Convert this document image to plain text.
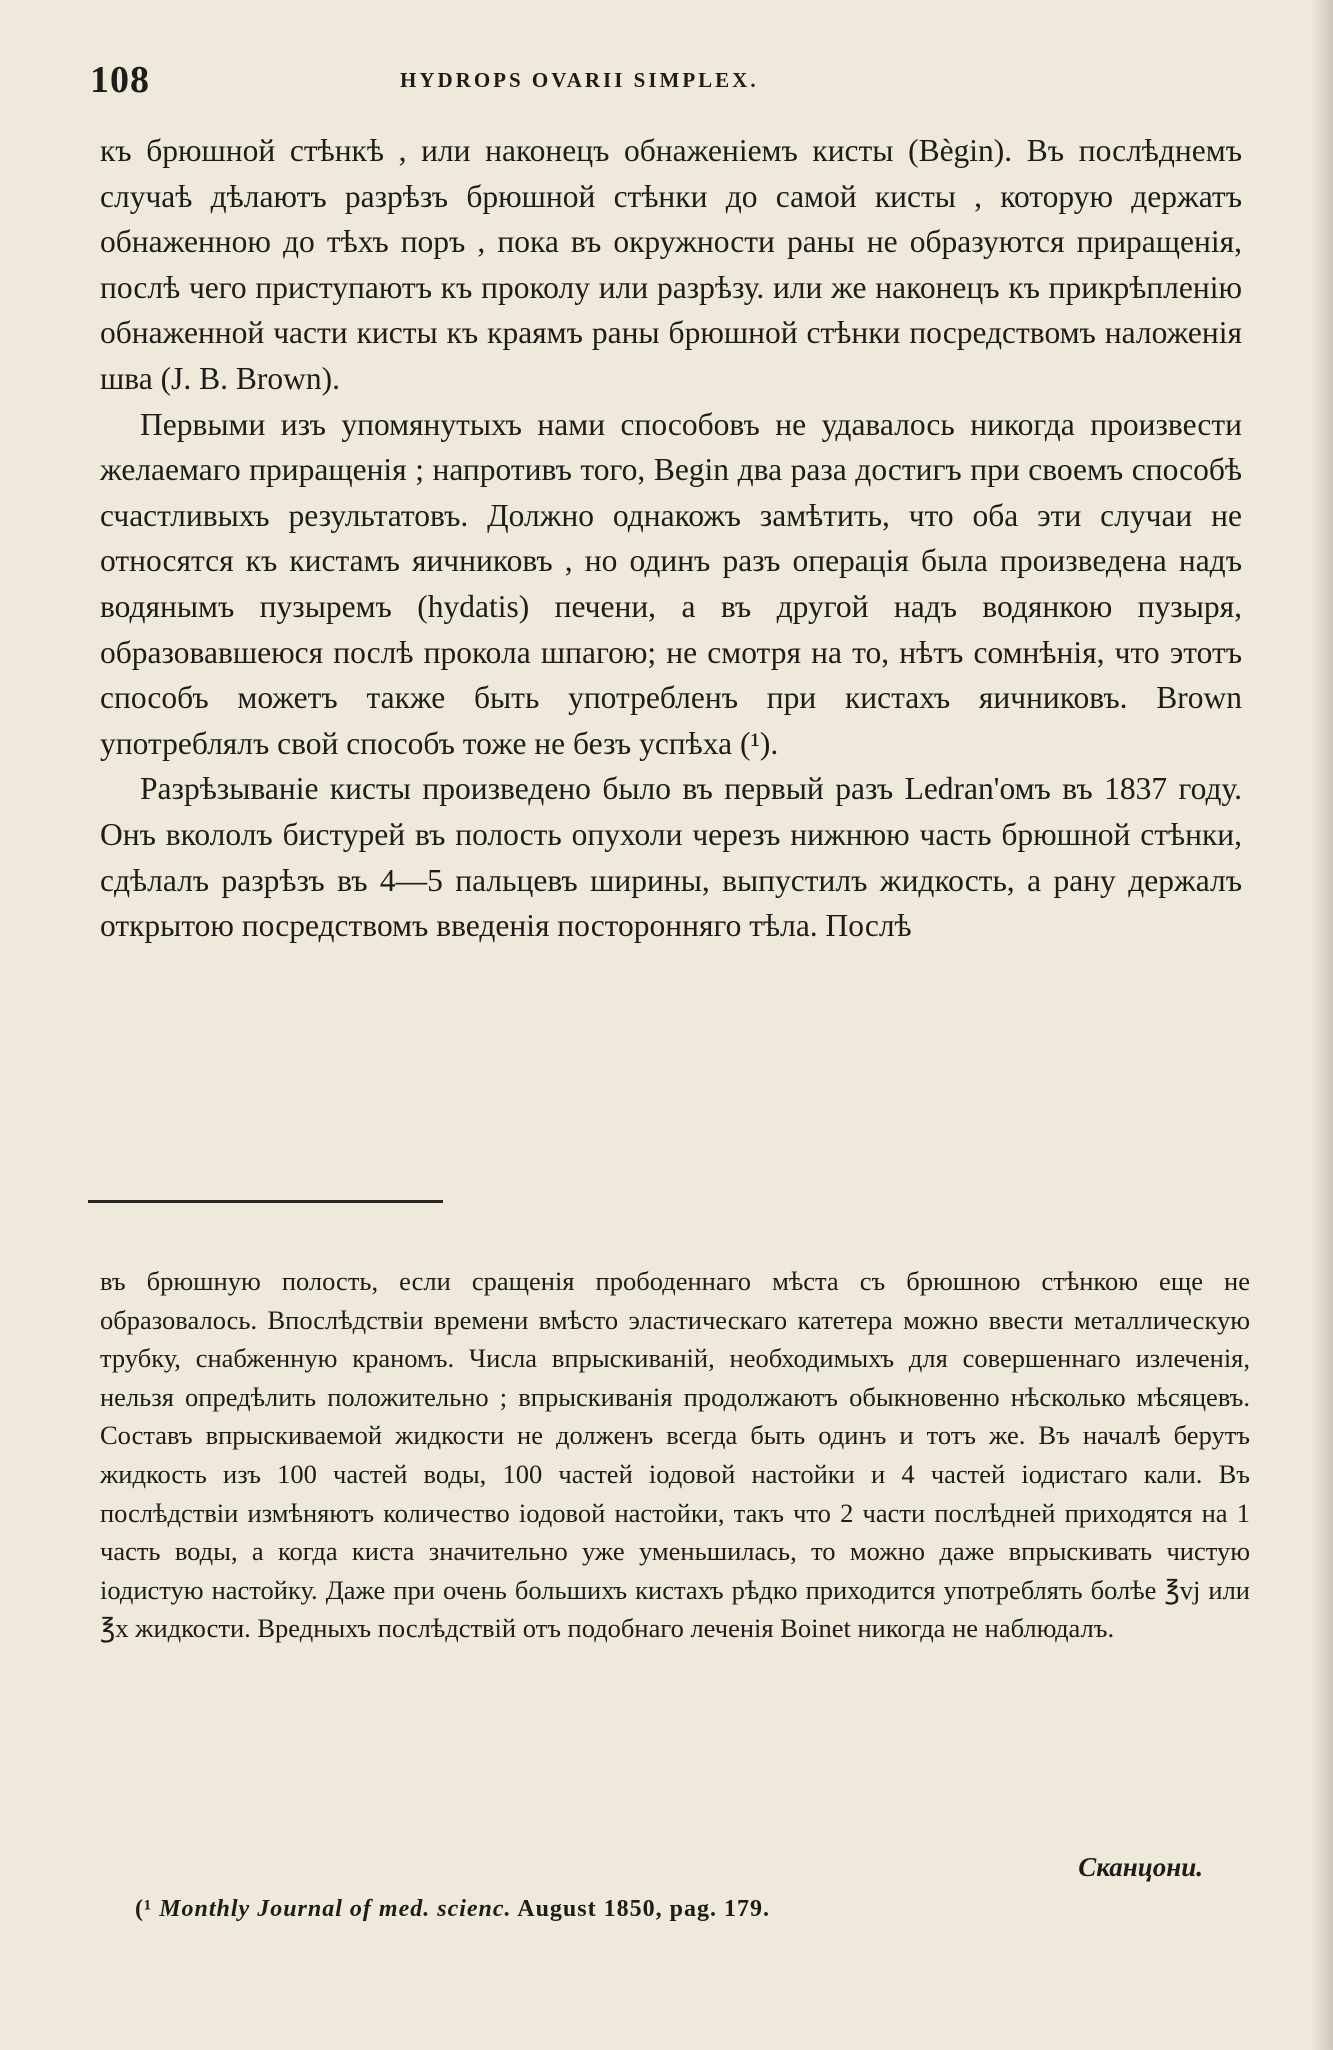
108	HYDROPS OVARII SIMPLEX.

къ брюшной стѣнкѣ , или наконецъ обнаженіемъ кисты (Bègin). Въ послѣднемъ случаѣ дѣлаютъ разрѣзъ брюшной стѣнки до самой кисты , которую держатъ обнаженною до тѣхъ поръ , пока въ окружности раны не образуются приращенія, послѣ чего приступаютъ къ проколу или разрѣзу. или же наконецъ къ прикрѣпленію обнаженной части кисты къ краямъ раны брюшной стѣнки посредствомъ наложенія шва (J. B. Brown).

Первыми изъ упомянутыхъ нами способовъ не удавалось никогда произвести желаемаго приращенія ; напротивъ того, Begin два раза достигъ при своемъ способѣ счастливыхъ результатовъ. Должно однакожъ замѣтить, что оба эти случаи не относятся къ кистамъ яичниковъ , но одинъ разъ операція была произведена надъ водянымъ пузыремъ (hydatis) печени, а въ другой надъ водянкою пузыря, образовавшеюся послѣ прокола шпагою; не смотря на то, нѣтъ сомнѣнія, что этотъ способъ можетъ также быть употребленъ при кистахъ яичниковъ. Brown употреблялъ свой способъ тоже не безъ успѣха (¹).

Разрѣзываніе кисты произведено было въ первый разъ Ledran'омъ въ 1837 году. Онъ вкололъ бистурей въ полость опухоли черезъ нижнюю часть брюшной стѣнки, сдѣлалъ разрѣзъ въ 4—5 пальцевъ ширины, выпустилъ жидкость, а рану держалъ открытою посредствомъ введенія посторонняго тѣла. Послѣ

въ брюшную полость, если сращенія прободеннаго мѣста съ брюшною стѣнкою еще не образовалось. Впослѣдствіи времени вмѣсто эластическаго катетера можно ввести металлическую трубку, снабженную краномъ. Числа впрыскиваній, необходимыхъ для совершеннаго излеченія, нельзя опредѣлить положительно ; впрыскиванія продолжаютъ обыкновенно нѣсколько мѣсяцевъ. Составъ впрыскиваемой жидкости не долженъ всегда быть одинъ и тотъ же. Въ началѣ берутъ жидкость изъ 100 частей воды, 100 частей іодовой настойки и 4 частей іодистаго кали. Въ послѣдствіи измѣняютъ количество іодовой настойки, такъ что 2 части послѣдней приходятся на 1 часть воды, а когда киста значительно уже уменьшилась, то можно даже впрыскивать чистую іодистую настойку. Даже при очень большихъ кистахъ рѣдко приходится употреблять болѣе ℥vj или ℥x жидкости. Вредныхъ послѣдствій отъ подобнаго леченія Boinet никогда не наблюдалъ.

Сканцони.
(¹ Monthly Journal of med. scienc. August 1850, pag. 179.
